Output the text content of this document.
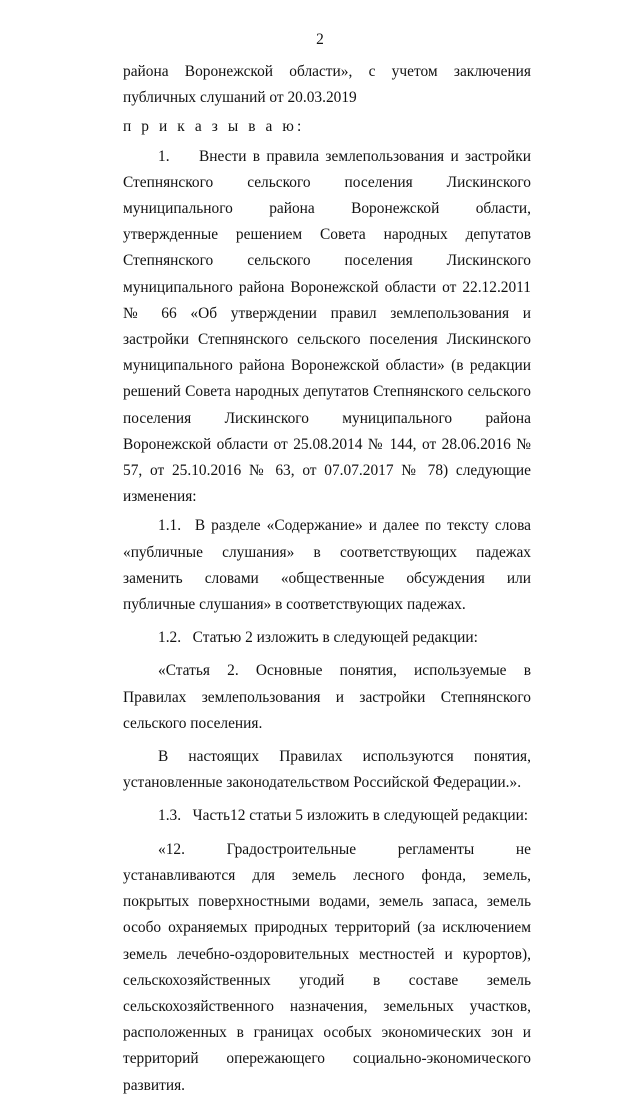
2

района Воронежской области», с учетом заключения публичных слушаний от 20.03.2019

п р и к а з ы в а ю:

1.   Внести в правила землепользования и застройки Степнянского сельского поселения Лискинского муниципального района Воронежской области, утвержденные решением Совета народных депутатов Степнянского сельского поселения Лискинского муниципального района Воронежской области от 22.12.2011 № 66 «Об утверждении правил землепользования и застройки Степнянского сельского поселения Лискинского муниципального района Воронежской области» (в редакции решений Совета народных депутатов Степнянского сельского поселения Лискинского муниципального района Воронежской области от 25.08.2014 № 144, от 28.06.2016 № 57, от 25.10.2016 № 63, от 07.07.2017 № 78) следующие изменения:

1.1.  В разделе «Содержание» и далее по тексту слова «публичные слушания» в соответствующих падежах заменить словами «общественные обсуждения или публичные слушания» в соответствующих падежах.

1.2.  Статью 2 изложить в следующей редакции:

«Статья 2. Основные понятия, используемые в Правилах землепользования и застройки Степнянского сельского поселения.

В настоящих Правилах используются понятия, установленные законодательством Российской Федерации.».

1.3.  Часть12 статьи 5 изложить в следующей редакции:

«12. Градостроительные регламенты не устанавливаются для земель лесного фонда, земель, покрытых поверхностными водами, земель запаса, земель особо охраняемых природных территорий (за исключением земель лечебно-оздоровительных местностей и курортов), сельскохозяйственных угодий в составе земель сельскохозяйственного назначения, земельных участков, расположенных в границах особых экономических зон и территорий опережающего социально-экономического развития.
